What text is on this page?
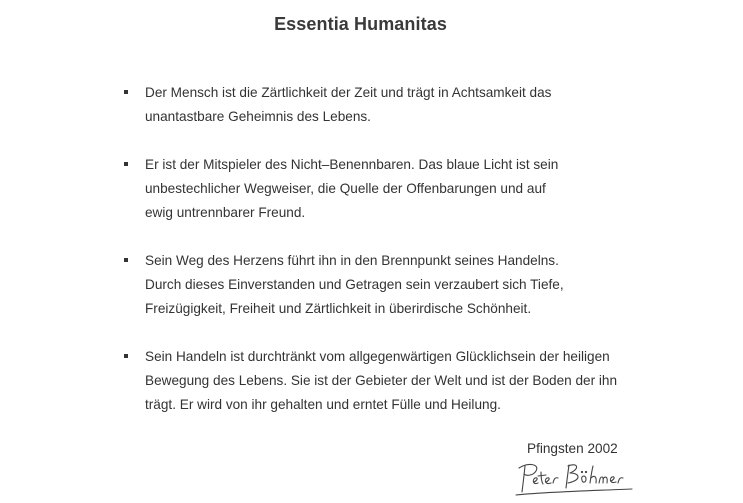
Essentia Humanitas
Der Mensch ist die Zärtlichkeit der Zeit und trägt in Achtsamkeit das
unantastbare Geheimnis des Lebens.
Er ist der Mitspieler des Nicht–Benennbaren. Das blaue Licht ist sein
unbestechlicher Wegweiser, die Quelle der Offenbarungen und auf
ewig untrennbarer Freund.
Sein Weg des Herzens führt ihn in den Brennpunkt seines Handelns.
Durch dieses Einverstanden und Getragen sein verzaubert sich Tiefe,
Freizügigkeit, Freiheit und Zärtlichkeit in überirdische Schönheit.
Sein Handeln ist durchtränkt vom allgegenwärtigen Glücklichsein der heiligen
Bewegung des Lebens. Sie ist der Gebieter der Welt und ist der Boden der ihn
trägt. Er wird von ihr gehalten und erntet Fülle und Heilung.
Pfingsten 2002
